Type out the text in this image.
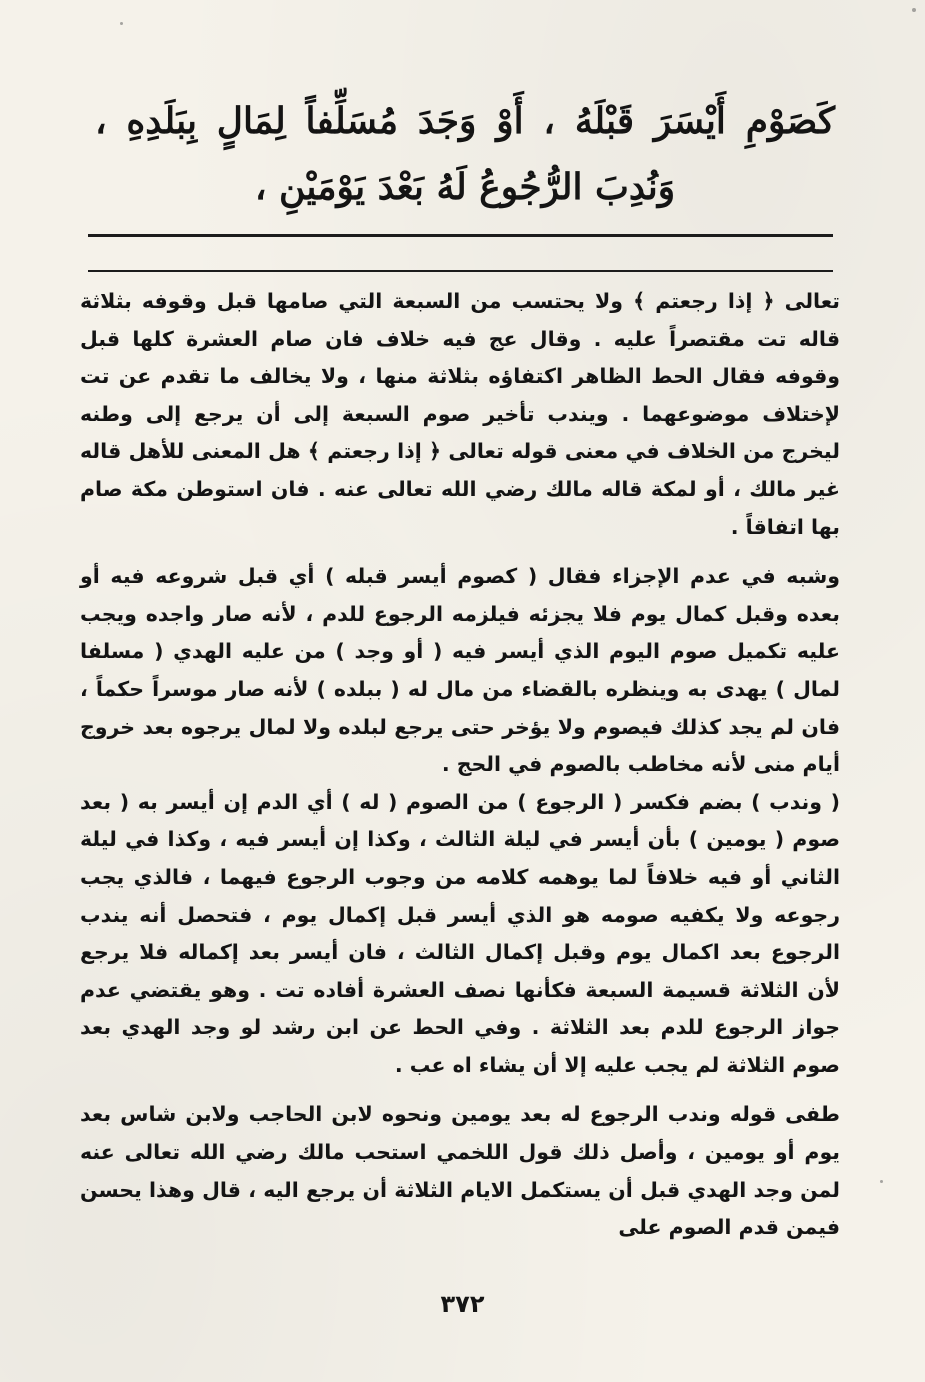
كَصَوْمِ أَيْسَرَ قَبْلَهُ ، أَوْ وَجَدَ مُسَلِّفاً لِمَالٍ بِبَلَدِهِ ، وَنُدِبَ الرُّجُوعُ لَهُ بَعْدَ يَوْمَيْنِ ،

تعالى ﴿ إذا رجعتم ﴾ ولا يحتسب من السبعة التي صامها قبل وقوفه بثلاثة قاله تت مقتصراً عليه . وقال عج فيه خلاف فان صام العشرة كلها قبل وقوفه فقال الحط الظاهر اكتفاؤه بثلاثة منها ، ولا يخالف ما تقدم عن تت لإختلاف موضوعهما . ويندب تأخير صوم السبعة إلى أن يرجع إلى وطنه ليخرج من الخلاف في معنى قوله تعالى ﴿ إذا رجعتم ﴾ هل المعنى للأهل قاله غير مالك ، أو لمكة قاله مالك رضي الله تعالى عنه . فان استوطن مكة صام بها اتفاقاً .

وشبه في عدم الإجزاء فقال ( كصوم أيسر قبله ) أي قبل شروعه فيه أو بعده وقبل كمال يوم فلا يجزئه فيلزمه الرجوع للدم ، لأنه صار واجده ويجب عليه تكميل صوم اليوم الذي أيسر فيه ( أو وجد ) من عليه الهدي ( مسلفا لمال ) يهدى به وينظره بالقضاء من مال له ( ببلده ) لأنه صار موسراً حكماً ، فان لم يجد كذلك فيصوم ولا يؤخر حتى يرجع لبلده ولا لمال يرجوه بعد خروج أيام منى لأنه مخاطب بالصوم في الحج .

( وندب ) بضم فكسر ( الرجوع ) من الصوم ( له ) أي الدم إن أيسر به ( بعد صوم ( يومين ) بأن أيسر في ليلة الثالث ، وكذا إن أيسر فيه ، وكذا في ليلة الثاني أو فيه خلافاً لما يوهمه كلامه من وجوب الرجوع فيهما ، فالذي يجب رجوعه ولا يكفيه صومه هو الذي أيسر قبل إكمال يوم ، فتحصل أنه يندب الرجوع بعد اكمال يوم وقبل إكمال الثالث ، فان أيسر بعد إكماله فلا يرجع لأن الثلاثة قسيمة السبعة فكأنها نصف العشرة أفاده تت . وهو يقتضي عدم جواز الرجوع للدم بعد الثلاثة . وفي الحط عن ابن رشد لو وجد الهدي بعد صوم الثلاثة لم يجب عليه إلا أن يشاء اه عب .

طفى قوله وندب الرجوع له بعد يومين ونحوه لابن الحاجب ولابن شاس بعد يوم أو يومين ، وأصل ذلك قول اللخمي استحب مالك رضي الله تعالى عنه لمن وجد الهدي قبل أن يستكمل الايام الثلاثة أن يرجع اليه ، قال وهذا يحسن فيمن قدم الصوم على

٣٧٢
